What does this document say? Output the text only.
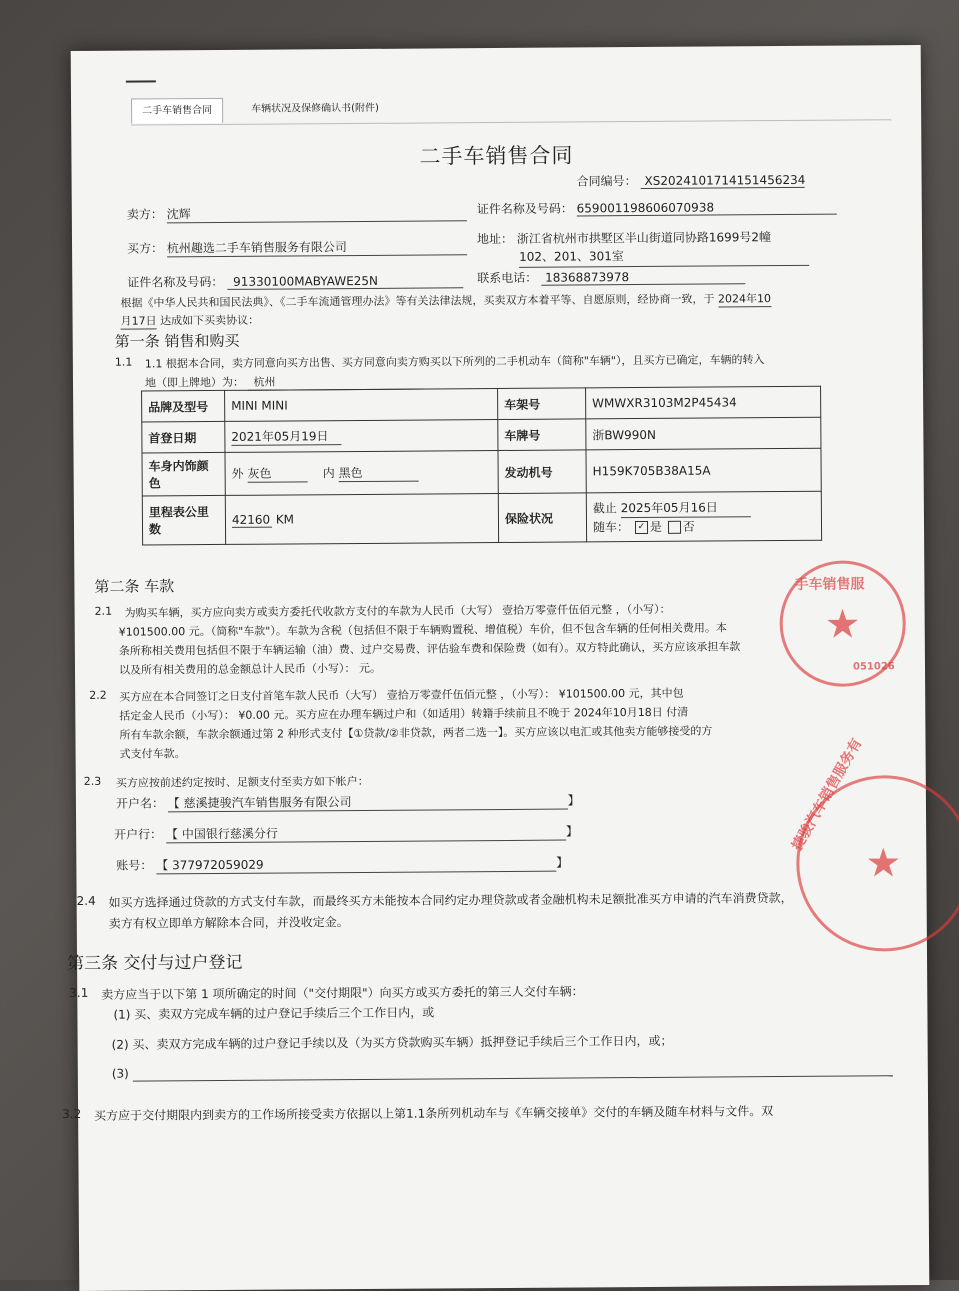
二手车销售合同	车辆状况及保修确认书(附件)
二手车销售合同
合同编号： XS2024101714151456234
卖方： 沈辉	证件名称及号码： 659001198606070938
买方： 杭州趣选二手车销售服务有限公司
地址： 浙江省杭州市拱墅区半山街道同协路1699号2幢
102、201、301室
证件名称及号码： 91330100MABYAWE25N	联系电话： 18368873978
根据《中华人民共和国民法典》、《二手车流通管理办法》等有关法律法规，买卖双方本着平等、自愿原则，经协商一致，于 2024年10
月17日 达成如下买卖协议：
第一条 销售和购买
1.1 1.1 根据本合同，卖方同意向买方出售、买方同意向卖方购买以下所列的二手机动车（简称"车辆"），且买方已确定，车辆的转入
地（即上牌地）为： 杭州
品牌及型号	MINI MINI	车架号	WMWXR3103M2P45434
首登日期	2021年05月19日	车牌号	浙BW990N
车身内饰颜色	外 灰色 内 黑色	发动机号	H159K705B38A15A
里程表公里数	42160 KM	保险状况	截止 2025年05月16日
随车： ✓ 是 否
第二条 车款
2.1 为购买车辆，买方应向卖方或卖方委托代收款方支付的车款为人民币（大写） 壹拾万零壹仟伍佰元整 ，（小写）：
¥101500.00 元。（简称"车款"）。车款为含税（包括但不限于车辆购置税、增值税）车价，但不包含车辆的任何相关费用。本
条所称相关费用包括但不限于车辆运输（油）费、过户交易费、评估验车费和保险费（如有）。双方特此确认，买方应该承担车款
以及所有相关费用的总金额总计人民币（小写）： 元。
2.2 买方应在本合同签订之日支付首笔车款人民币（大写） 壹拾万零壹仟伍佰元整 ，（小写）： ¥101500.00 元，其中包
括定金人民币（小写）： ¥0.00 元。买方应在办理车辆过户和（如适用）转籍手续前且不晚于 2024年10月18日 付清
所有车款余额，车款余额通过第 2 种形式支付【①贷款/②非贷款，两者二选一】。买方应该以电汇或其他卖方能够接受的方
式支付车款。
2.3 买方应按前述约定按时、足额支付至卖方如下帐户：
开户名： 【 慈溪捷骏汽车销售服务有限公司	】
开户行： 【 中国银行慈溪分行	】
账号： 【 377972059029	】
2.4 如买方选择通过贷款的方式支付车款，而最终买方未能按本合同约定办理贷款或者金融机构未足额批准买方申请的汽车消费贷款，
卖方有权立即单方解除本合同，并没收定金。
第三条 交付与过户登记
3.1 卖方应当于以下第 1 项所确定的时间（"交付期限"）向买方或买方委托的第三人交付车辆：
(1) 买、卖双方完成车辆的过户登记手续后三个工作日内，或
(2) 买、卖双方完成车辆的过户登记手续以及（为买方贷款购买车辆）抵押登记手续后三个工作日内，或；
(3)
3.2 买方应于交付期限内到卖方的工作场所接受卖方依据以上第1.1条所列机动车与《车辆交接单》交付的车辆及随车材料与文件。双
★
手车销售服
051026
★
捷骏汽车销售服务有
